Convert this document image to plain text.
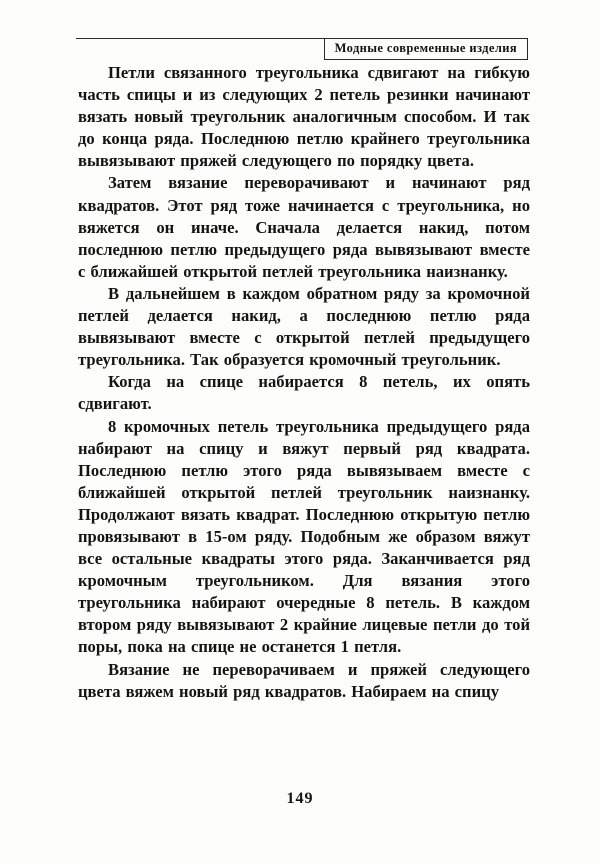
Модные современные изделия

Петли связанного треугольника сдвигают на гибкую часть спицы и из следующих 2 петель резинки начинают вязать новый треугольник аналогичным способом. И так до конца ряда. Последнюю петлю крайнего треугольника вывязывают пряжей следующего по порядку цвета.

Затем вязание переворачивают и начинают ряд квадратов. Этот ряд тоже начинается с треугольника, но вяжется он иначе. Сначала делается накид, потом последнюю петлю предыдущего ряда вывязывают вместе с ближайшей открытой петлей треугольника наизнанку.

В дальнейшем в каждом обратном ряду за кромочной петлей делается накид, а последнюю петлю ряда вывязывают вместе с открытой петлей предыдущего треугольника. Так образуется кромочный треугольник.

Когда на спице набирается 8 петель, их опять сдвигают.

8 кромочных петель треугольника предыдущего ряда набирают на спицу и вяжут первый ряд квадрата. Последнюю петлю этого ряда вывязываем вместе с ближайшей открытой петлей треугольник наизнанку. Продолжают вязать квадрат. Последнюю открытую петлю провязывают в 15-ом ряду. Подобным же образом вяжут все остальные квадраты этого ряда. Заканчивается ряд кромочным треугольником. Для вязания этого треугольника набирают очередные 8 петель. В каждом втором ряду вывязывают 2 крайние лицевые петли до той поры, пока на спице не останется 1 петля.

Вязание не переворачиваем и пряжей следующего цвета вяжем новый ряд квадратов. Набираем на спицу

149
